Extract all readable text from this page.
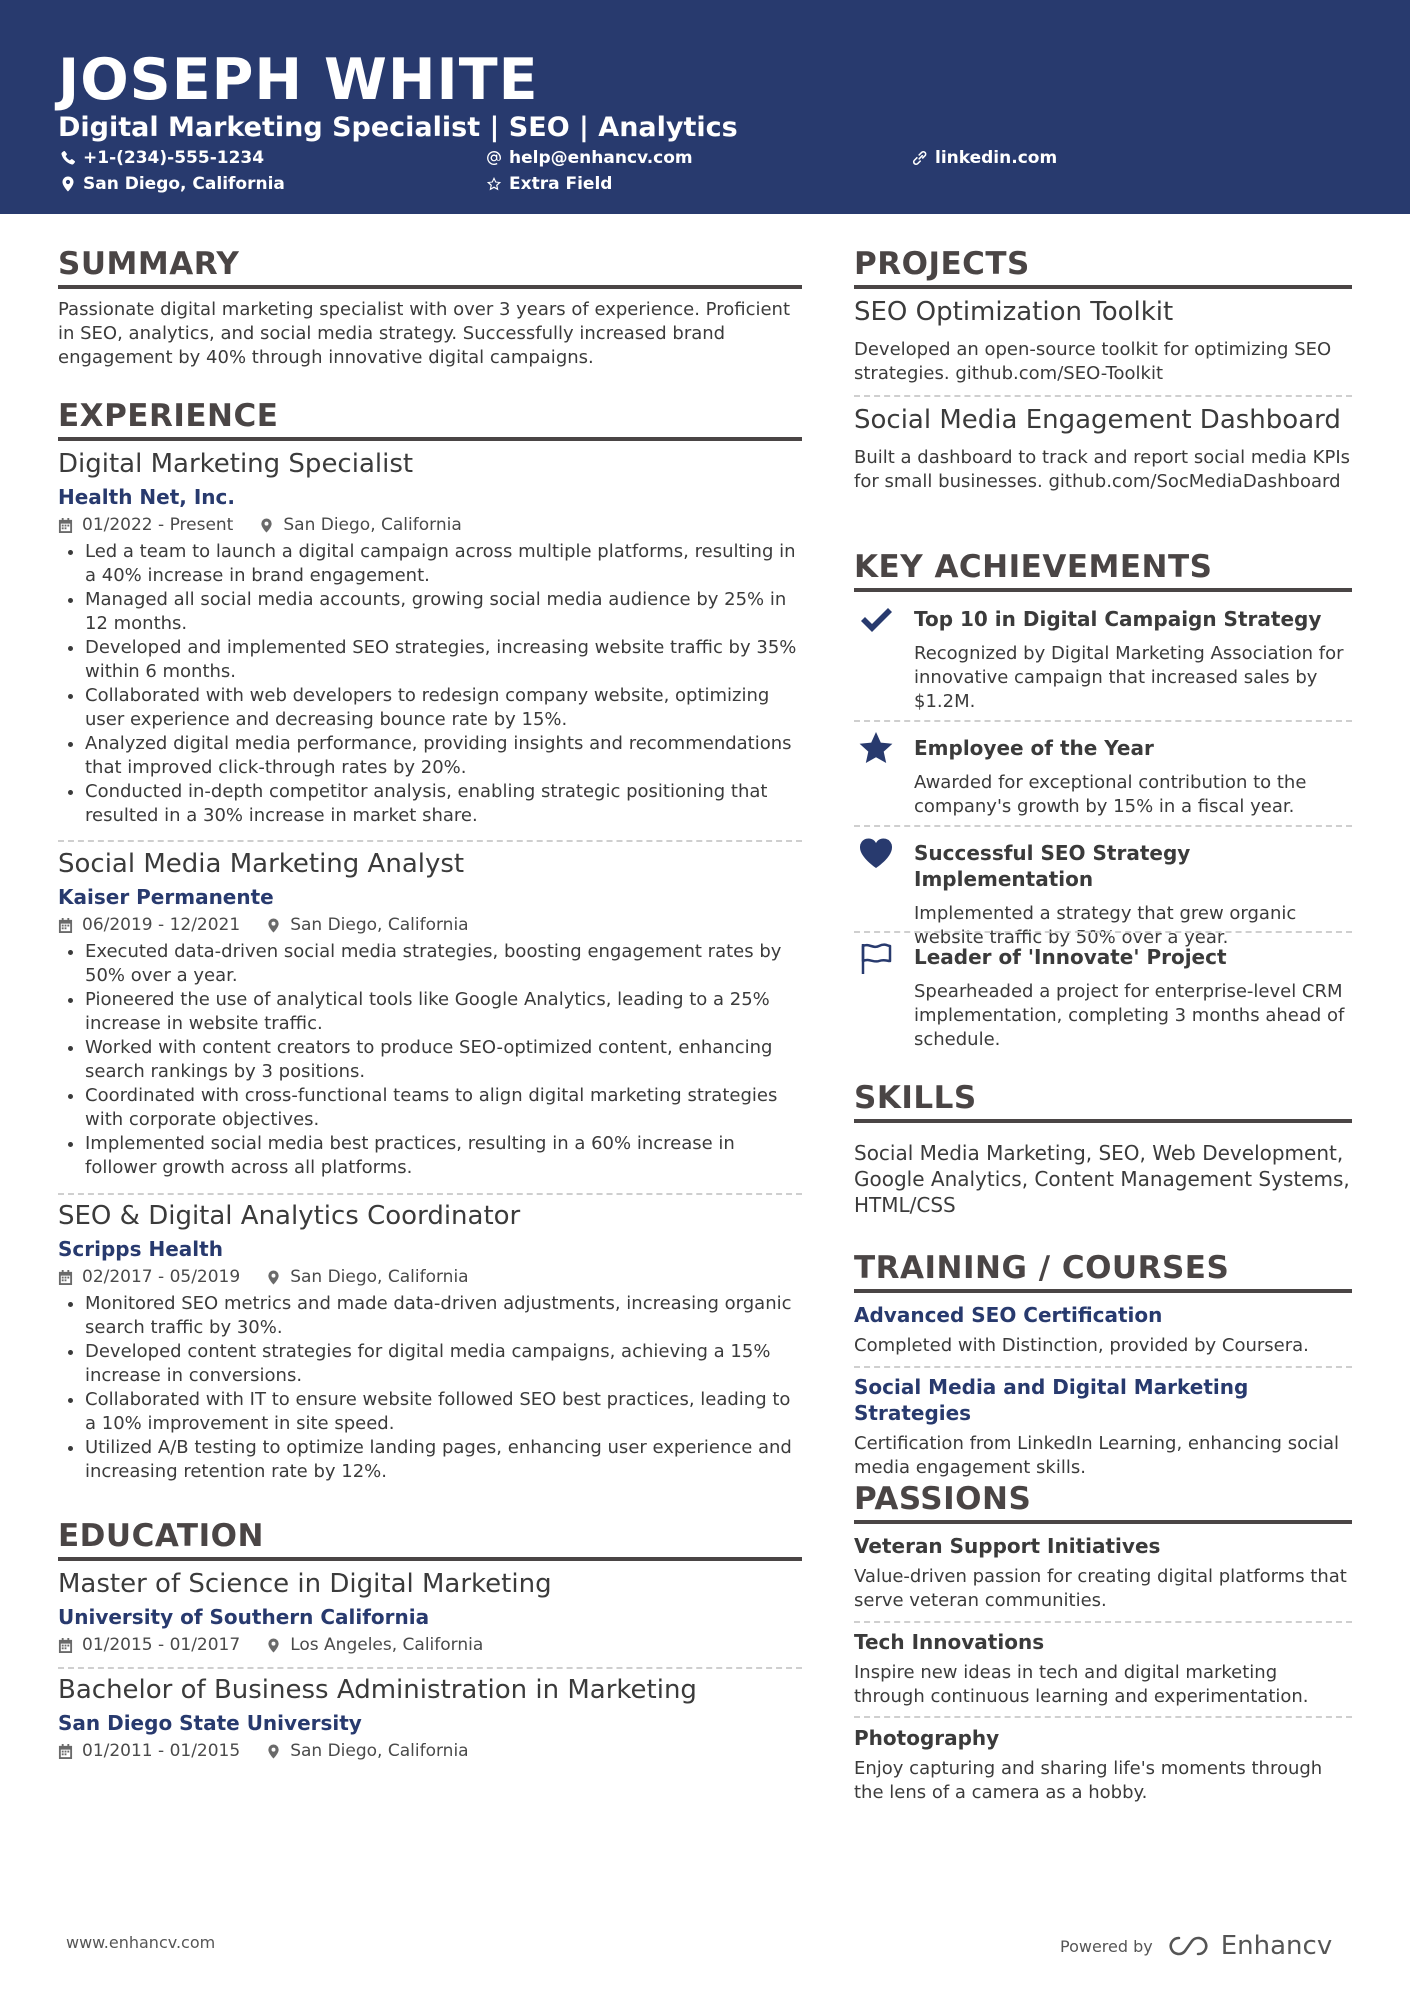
JOSEPH WHITE
Digital Marketing Specialist | SEO | Analytics
+1-(234)-555-1234	help@enhancv.com	linkedin.com
San Diego, California	Extra Field
SUMMARY
Passionate digital marketing specialist with over 3 years of experience. Proficient in SEO, analytics, and social media strategy. Successfully increased brand engagement by 40% through innovative digital campaigns.
EXPERIENCE
Digital Marketing Specialist
Health Net, Inc.
01/2022 - Present	San Diego, California
• Led a team to launch a digital campaign across multiple platforms, resulting in a 40% increase in brand engagement.
• Managed all social media accounts, growing social media audience by 25% in 12 months.
• Developed and implemented SEO strategies, increasing website traffic by 35% within 6 months.
• Collaborated with web developers to redesign company website, optimizing user experience and decreasing bounce rate by 15%.
• Analyzed digital media performance, providing insights and recommendations that improved click-through rates by 20%.
• Conducted in-depth competitor analysis, enabling strategic positioning that resulted in a 30% increase in market share.
Social Media Marketing Analyst
Kaiser Permanente
06/2019 - 12/2021	San Diego, California
• Executed data-driven social media strategies, boosting engagement rates by 50% over a year.
• Pioneered the use of analytical tools like Google Analytics, leading to a 25% increase in website traffic.
• Worked with content creators to produce SEO-optimized content, enhancing search rankings by 3 positions.
• Coordinated with cross-functional teams to align digital marketing strategies with corporate objectives.
• Implemented social media best practices, resulting in a 60% increase in follower growth across all platforms.
SEO & Digital Analytics Coordinator
Scripps Health
02/2017 - 05/2019	San Diego, California
• Monitored SEO metrics and made data-driven adjustments, increasing organic search traffic by 30%.
• Developed content strategies for digital media campaigns, achieving a 15% increase in conversions.
• Collaborated with IT to ensure website followed SEO best practices, leading to a 10% improvement in site speed.
• Utilized A/B testing to optimize landing pages, enhancing user experience and increasing retention rate by 12%.
EDUCATION
Master of Science in Digital Marketing
University of Southern California
01/2015 - 01/2017	Los Angeles, California
Bachelor of Business Administration in Marketing
San Diego State University
01/2011 - 01/2015	San Diego, California
PROJECTS
SEO Optimization Toolkit
Developed an open-source toolkit for optimizing SEO strategies. github.com/SEO-Toolkit
Social Media Engagement Dashboard
Built a dashboard to track and report social media KPIs for small businesses. github.com/SocMediaDashboard
KEY ACHIEVEMENTS
Top 10 in Digital Campaign Strategy
Recognized by Digital Marketing Association for innovative campaign that increased sales by $1.2M.
Employee of the Year
Awarded for exceptional contribution to the company's growth by 15% in a fiscal year.
Successful SEO Strategy Implementation
Implemented a strategy that grew organic website traffic by 50% over a year.
Leader of 'Innovate' Project
Spearheaded a project for enterprise-level CRM implementation, completing 3 months ahead of schedule.
SKILLS
Social Media Marketing, SEO, Web Development, Google Analytics, Content Management Systems, HTML/CSS
TRAINING / COURSES
Advanced SEO Certification
Completed with Distinction, provided by Coursera.
Social Media and Digital Marketing Strategies
Certification from LinkedIn Learning, enhancing social media engagement skills.
PASSIONS
Veteran Support Initiatives
Value-driven passion for creating digital platforms that serve veteran communities.
Tech Innovations
Inspire new ideas in tech and digital marketing through continuous learning and experimentation.
Photography
Enjoy capturing and sharing life's moments through the lens of a camera as a hobby.
www.enhancv.com	Powered by	Enhancv
